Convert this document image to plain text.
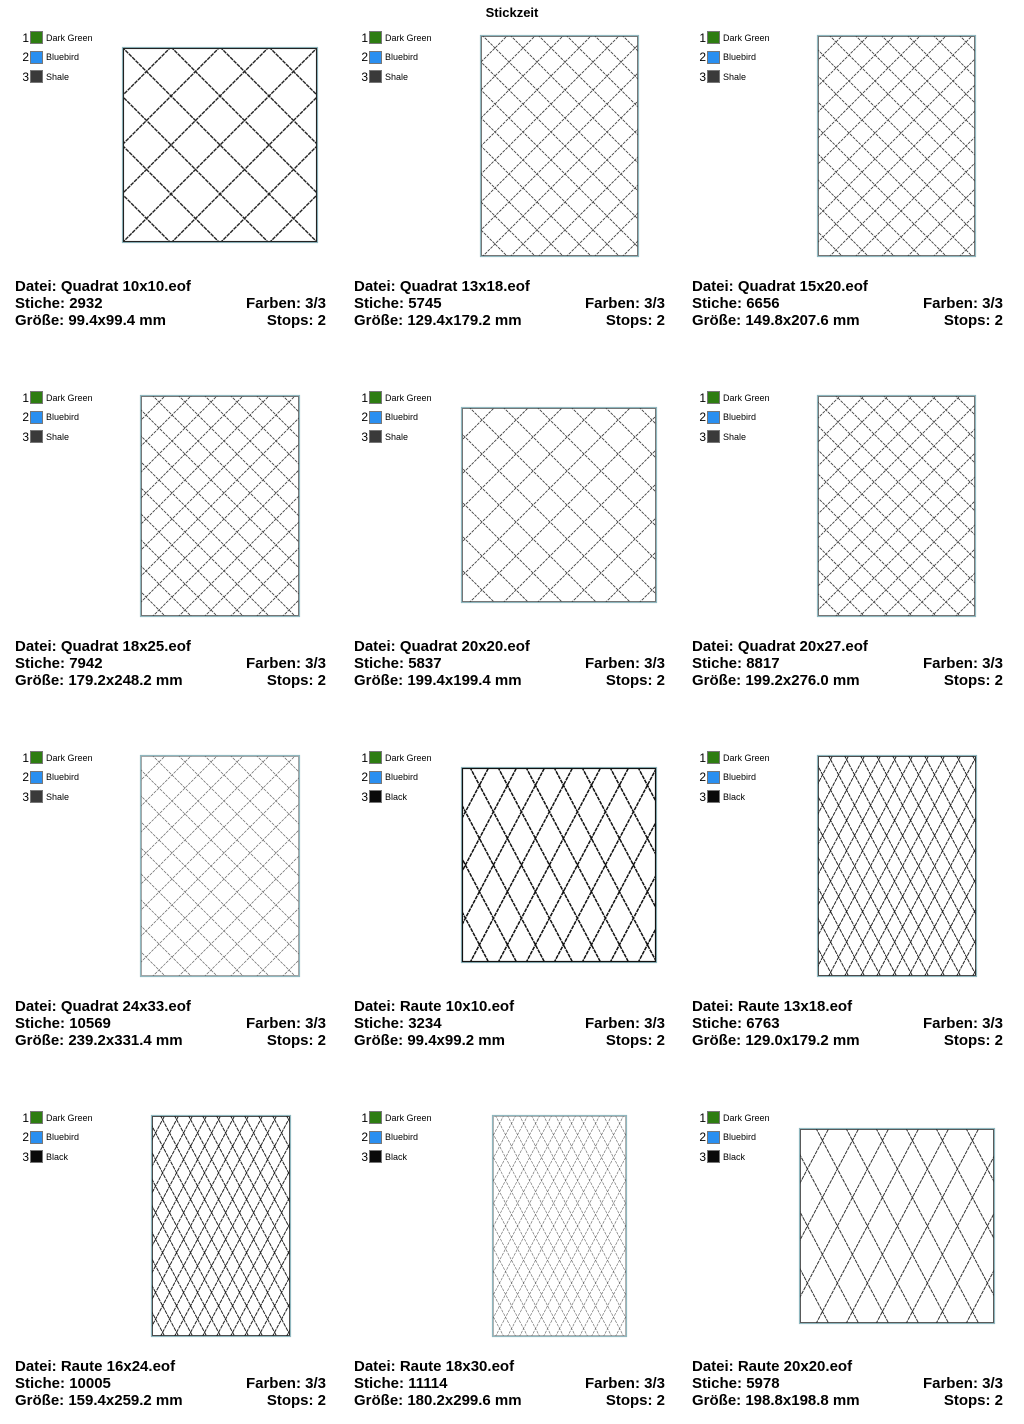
Stickzeit
1 Dark Green
2 Bluebird
3 Shale
Datei: Quadrat 10x10.eof
Stiche: 2932	Farben: 3/3
Größe: 99.4x99.4 mm	Stops: 2
1 Dark Green
2 Bluebird
3 Shale
Datei: Quadrat 13x18.eof
Stiche: 5745	Farben: 3/3
Größe: 129.4x179.2 mm	Stops: 2
1 Dark Green
2 Bluebird
3 Shale
Datei: Quadrat 15x20.eof
Stiche: 6656	Farben: 3/3
Größe: 149.8x207.6 mm	Stops: 2
1 Dark Green
2 Bluebird
3 Shale
Datei: Quadrat 18x25.eof
Stiche: 7942	Farben: 3/3
Größe: 179.2x248.2 mm	Stops: 2
1 Dark Green
2 Bluebird
3 Shale
Datei: Quadrat 20x20.eof
Stiche: 5837	Farben: 3/3
Größe: 199.4x199.4 mm	Stops: 2
1 Dark Green
2 Bluebird
3 Shale
Datei: Quadrat 20x27.eof
Stiche: 8817	Farben: 3/3
Größe: 199.2x276.0 mm	Stops: 2
1 Dark Green
2 Bluebird
3 Shale
Datei: Quadrat 24x33.eof
Stiche: 10569	Farben: 3/3
Größe: 239.2x331.4 mm	Stops: 2
1 Dark Green
2 Bluebird
3 Black
Datei: Raute 10x10.eof
Stiche: 3234	Farben: 3/3
Größe: 99.4x99.2 mm	Stops: 2
1 Dark Green
2 Bluebird
3 Black
Datei: Raute 13x18.eof
Stiche: 6763	Farben: 3/3
Größe: 129.0x179.2 mm	Stops: 2
1 Dark Green
2 Bluebird
3 Black
Datei: Raute 16x24.eof
Stiche: 10005	Farben: 3/3
Größe: 159.4x259.2 mm	Stops: 2
1 Dark Green
2 Bluebird
3 Black
Datei: Raute 18x30.eof
Stiche: 11114	Farben: 3/3
Größe: 180.2x299.6 mm	Stops: 2
1 Dark Green
2 Bluebird
3 Black
Datei: Raute 20x20.eof
Stiche: 5978	Farben: 3/3
Größe: 198.8x198.8 mm	Stops: 2
